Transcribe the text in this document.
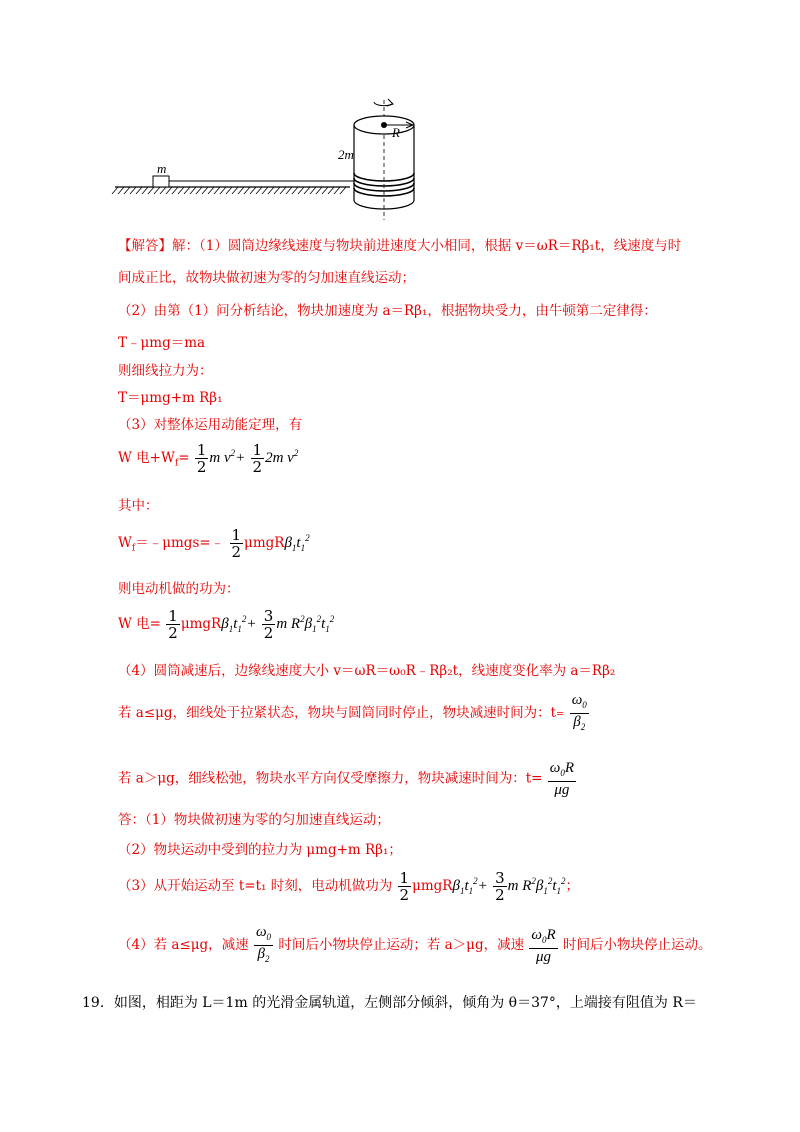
m
R
2m
【解答】解：（1）圆筒边缘线速度与物块前进速度大小相同，根据 v＝ωR＝Rβ₁t，线速度与时
间成正比，故物块做初速为零的匀加速直线运动；
（2）由第（1）问分析结论，物块加速度为 a＝Rβ₁，根据物块受力，由牛顿第二定律得：
T﹣μmg＝ma
则细线拉力为：
T＝μmg+m Rβ₁
（3）对整体运用动能定理，有
W 电$+W_f= \frac{1}{2}$ m $v^2+ \frac{1}{2} 2m$ $v^2$
其中：
$W_f=﹣\mu mgs=﹣ \frac{1}{2} \mu mgR\beta_1t_1^2$
则电动机做的功为：
W 电= $\frac{1}{2} \mu mgR\beta_1t_1^2+ \frac{3}{2}$ m $R^2\beta_1^2t_1^2$
（4）圆筒减速后，边缘线速度大小 v＝ωR＝ω₀R﹣Rβ₂t，线速度变化率为 a＝Rβ₂
若 a≤μg，细线处于拉紧状态，物块与圆筒同时停止，物块减速时间为：$t= \frac{\omega_0}{\beta_2}$
若 a＞μg，细线松弛，物块水平方向仅受摩擦力，物块减速时间为：$t= \frac{\omega_0R}{\mu g}$
答：（1）物块做初速为零的匀加速直线运动；
（2）物块运动中受到的拉力为 μmg+m Rβ₁；
（3）从开始运动至 t=t₁ 时刻，电动机做功为 $\frac{1}{2} \mu mgR\beta_1t_1^2+ \frac{3}{2}$ m $R^2\beta_1^2t_1^2$；
（4）若 a≤μg，减速 $\frac{\omega_0}{\beta_2}$ 时间后小物块停止运动；若 a＞μg，减速 $\frac{\omega_0R}{\mu g}$ 时间后小物块停止运动。
19．如图，相距为 L＝1m 的光滑金属轨道，左侧部分倾斜，倾角为 θ＝37°，上端接有阻值为 R＝
